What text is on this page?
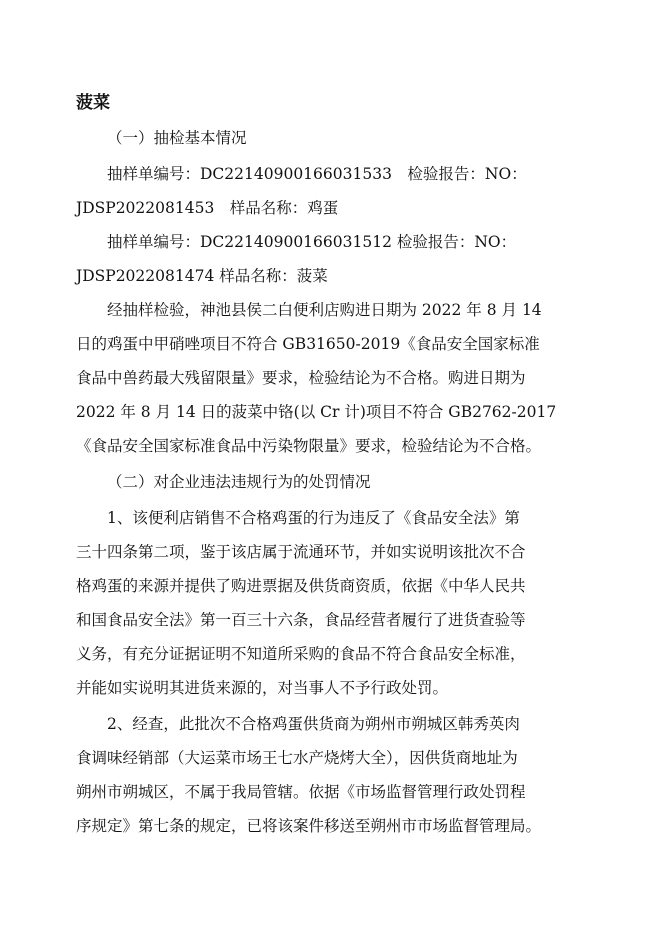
菠菜
（一）抽检基本情况
抽样单编号：DC22140900166031533　检验报告：NO：
JDSP2022081453　样品名称：鸡蛋
抽样单编号：DC22140900166031512 检验报告：NO：
JDSP2022081474 样品名称：菠菜
经抽样检验，神池县侯二白便利店购进日期为 2022 年 8 月 14
日的鸡蛋中甲硝唑项目不符合 GB31650-2019《食品安全国家标准
食品中兽药最大残留限量》要求，检验结论为不合格。购进日期为
2022 年 8 月 14 日的菠菜中铬(以 Cr 计)项目不符合 GB2762-2017
《食品安全国家标准食品中污染物限量》要求，检验结论为不合格。
（二）对企业违法违规行为的处罚情况
1、该便利店销售不合格鸡蛋的行为违反了《食品安全法》第
三十四条第二项，鉴于该店属于流通环节，并如实说明该批次不合
格鸡蛋的来源并提供了购进票据及供货商资质，依据《中华人民共
和国食品安全法》第一百三十六条，食品经营者履行了进货查验等
义务，有充分证据证明不知道所采购的食品不符合食品安全标准，
并能如实说明其进货来源的，对当事人不予行政处罚。
2、经查，此批次不合格鸡蛋供货商为朔州市朔城区韩秀英肉
食调味经销部（大运菜市场王七水产烧烤大全），因供货商地址为
朔州市朔城区，不属于我局管辖。依据《市场监督管理行政处罚程
序规定》第七条的规定，已将该案件移送至朔州市市场监督管理局。
